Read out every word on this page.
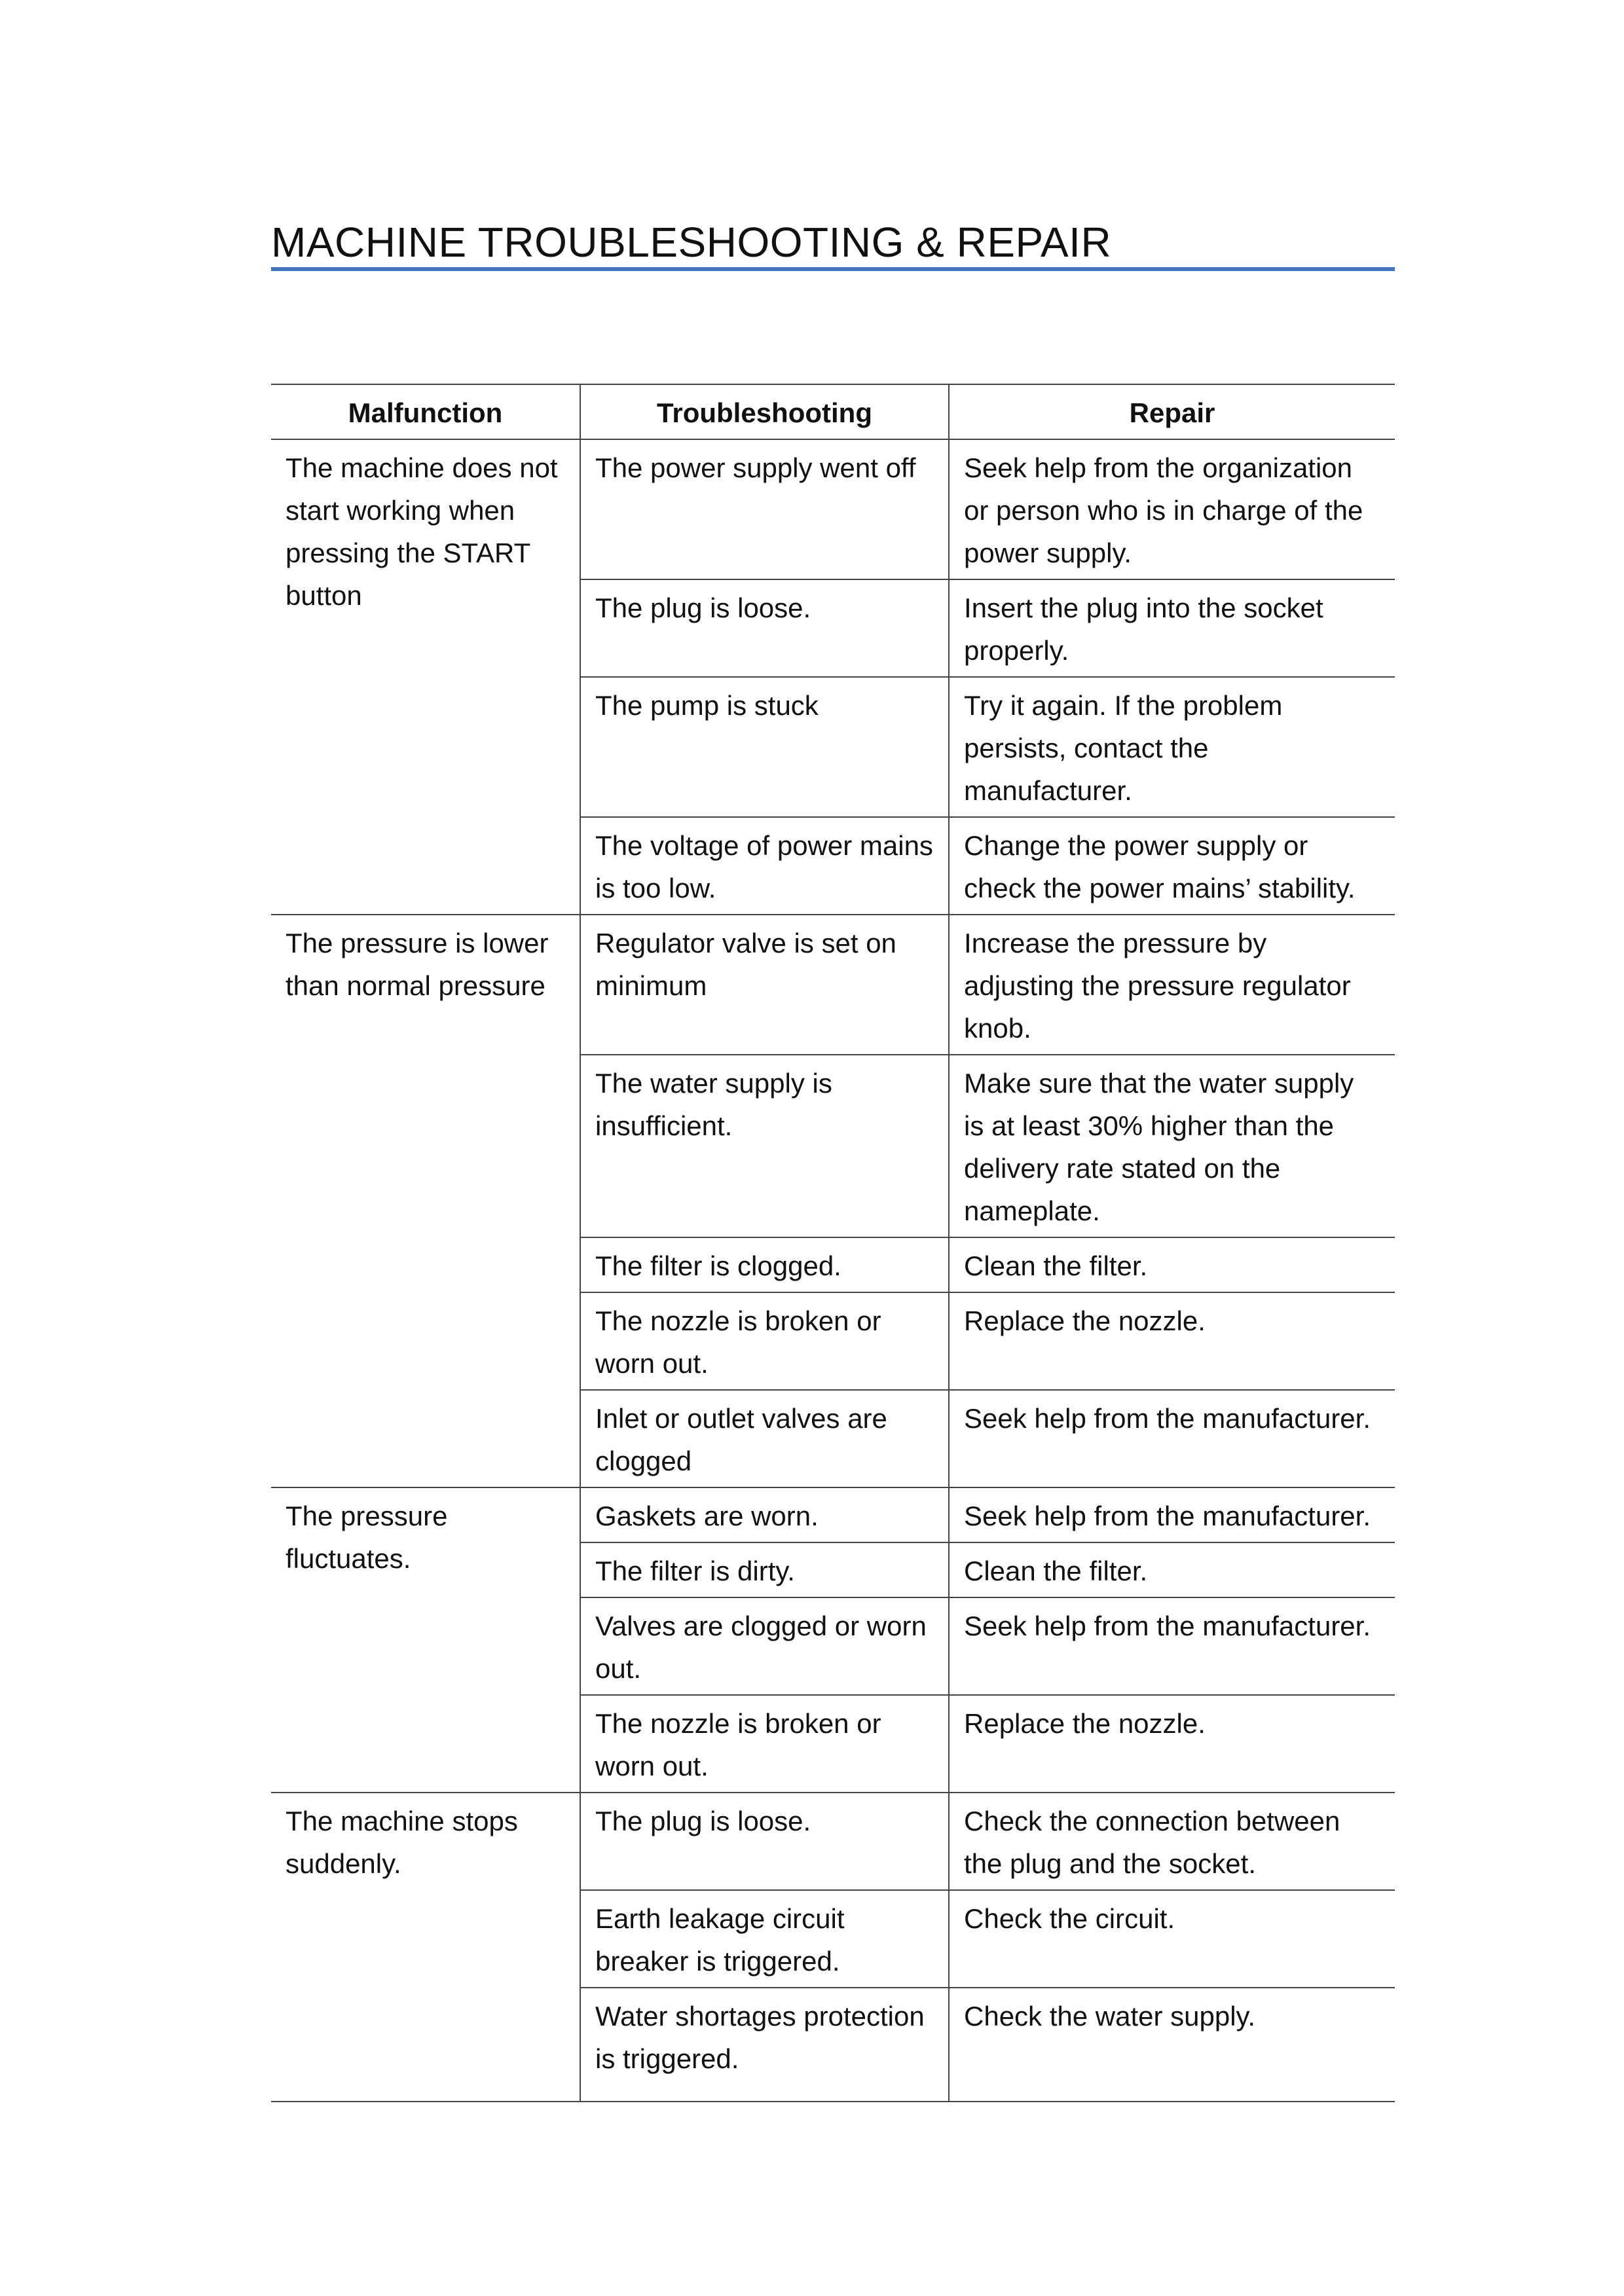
MACHINE TROUBLESHOOTING & REPAIR
Malfunction	Troubleshooting	Repair
The machine does not start working when pressing the START button	The power supply went off	Seek help from the organization or person who is in charge of the power supply.
	The plug is loose.	Insert the plug into the socket properly.
	The pump is stuck	Try it again. If the problem persists, contact the manufacturer.
	The voltage of power mains is too low.	Change the power supply or check the power mains’ stability.
The pressure is lower than normal pressure	Regulator valve is set on minimum	Increase the pressure by adjusting the pressure regulator knob.
	The water supply is insufficient.	Make sure that the water supply is at least 30% higher than the delivery rate stated on the nameplate.
	The filter is clogged.	Clean the filter.
	The nozzle is broken or worn out.	Replace the nozzle.
	Inlet or outlet valves are clogged	Seek help from the manufacturer.
The pressure fluctuates.	Gaskets are worn.	Seek help from the manufacturer.
	The filter is dirty.	Clean the filter.
	Valves are clogged or worn out.	Seek help from the manufacturer.
	The nozzle is broken or worn out.	Replace the nozzle.
The machine stops suddenly.	The plug is loose.	Check the connection between the plug and the socket.
	Earth leakage circuit breaker is triggered.	Check the circuit.
	Water shortages protection is triggered.	Check the water supply.
